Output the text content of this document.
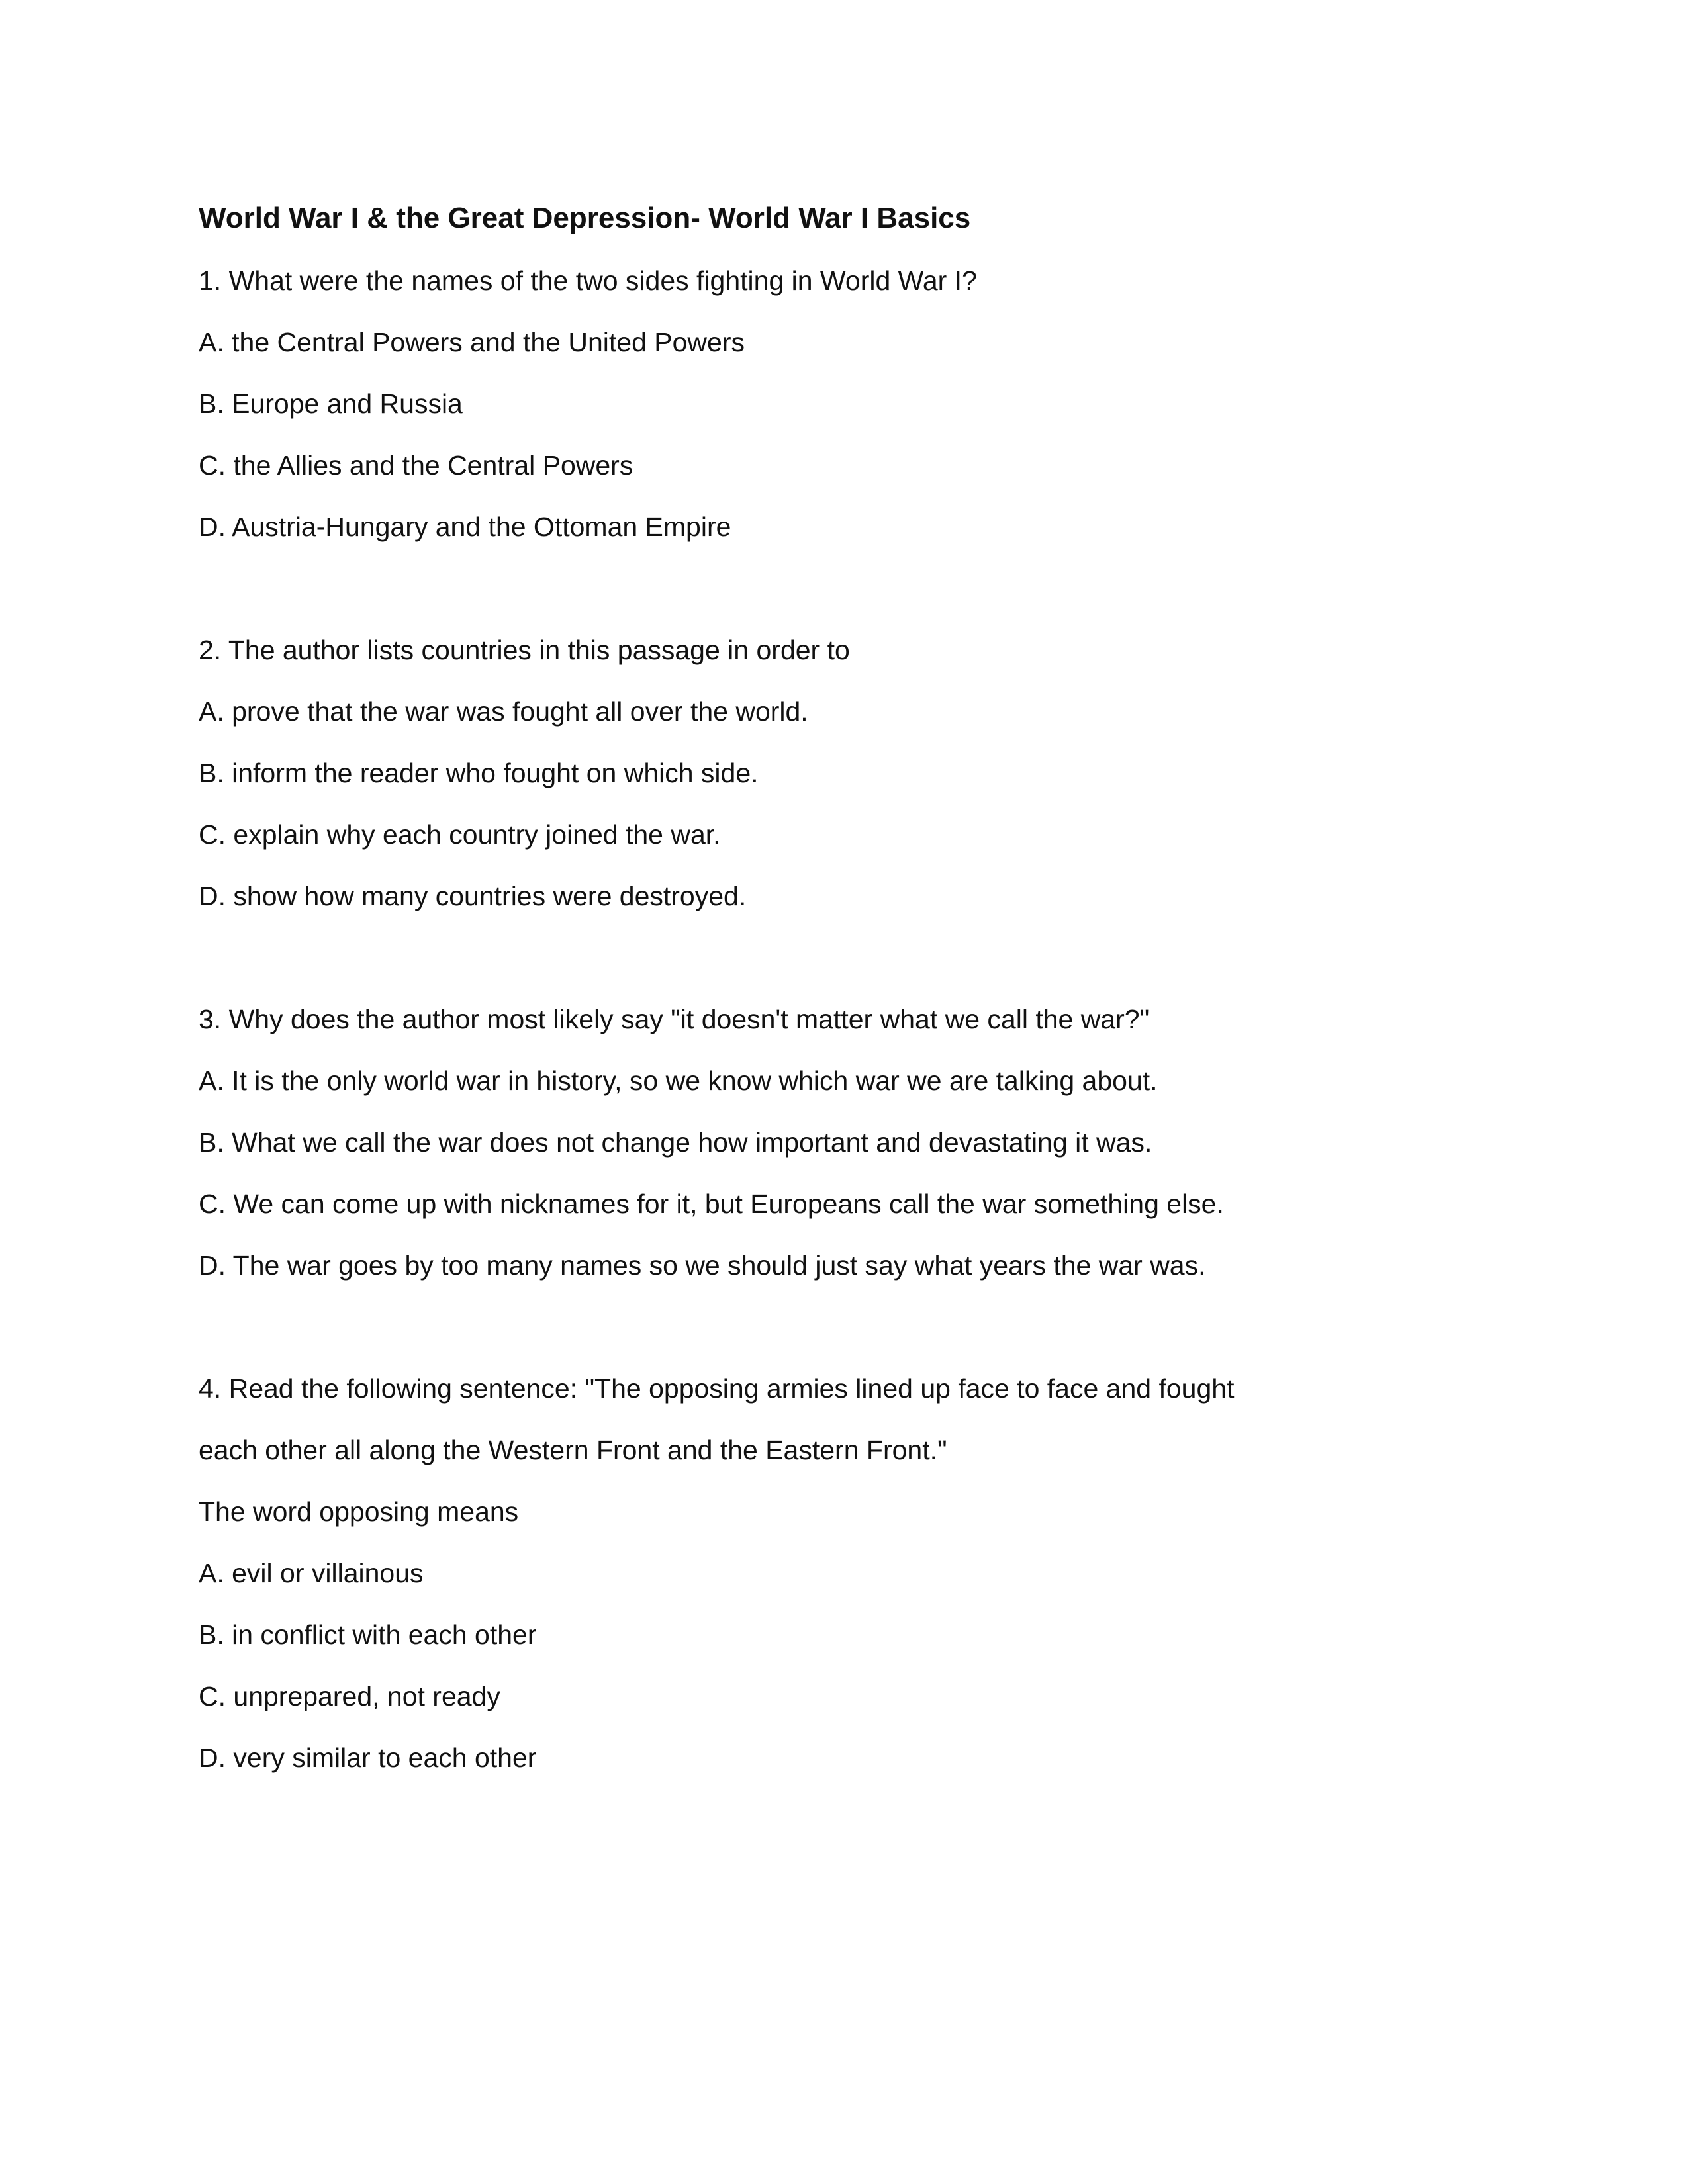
World War I & the Great Depression- World War I Basics

1. What were the names of the two sides fighting in World War I?

A. the Central Powers and the United Powers

B. Europe and Russia

C. the Allies and the Central Powers

D. Austria-Hungary and the Ottoman Empire

2. The author lists countries in this passage in order to

A. prove that the war was fought all over the world.

B. inform the reader who fought on which side.

C. explain why each country joined the war.

D. show how many countries were destroyed.

3. Why does the author most likely say "it doesn't matter what we call the war?"

A. It is the only world war in history, so we know which war we are talking about.

B. What we call the war does not change how important and devastating it was.

C. We can come up with nicknames for it, but Europeans call the war something else.

D. The war goes by too many names so we should just say what years the war was.

4. Read the following sentence: "The opposing armies lined up face to face and fought

each other all along the Western Front and the Eastern Front."

The word opposing means

A. evil or villainous

B. in conflict with each other

C. unprepared, not ready

D. very similar to each other
